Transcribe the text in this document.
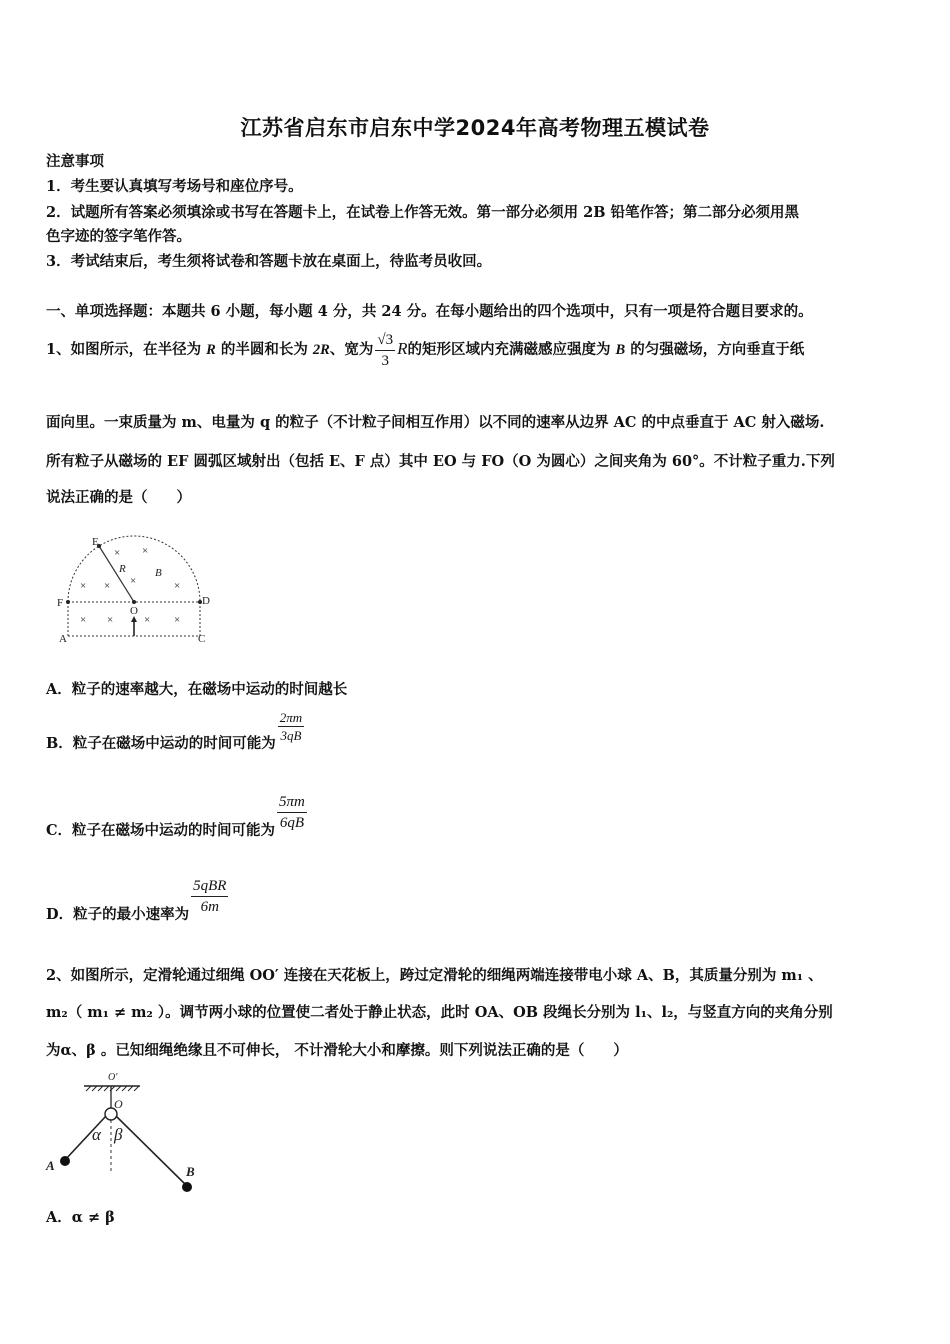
江苏省启东市启东中学2024年高考物理五模试卷
注意事项
1．考生要认真填写考场号和座位序号。
2．试题所有答案必须填涂或书写在答题卡上，在试卷上作答无效。第一部分必须用 2B 铅笔作答；第二部分必须用黑
色字迹的签字笔作答。
3．考试结束后，考生须将试卷和答题卡放在桌面上，待监考员收回。
一、单项选择题：本题共 6 小题，每小题 4 分，共 24 分。在每小题给出的四个选项中，只有一项是符合题目要求的。
1、如图所示，在半径为 R 的半圆和长为 2R、宽为 $\frac{√3}{3}$ R的矩形区域内充满磁感应强度为 B 的匀强磁场，方向垂直于纸
面向里。一束质量为 m、电量为 q 的粒子（不计粒子间相互作用）以不同的速率从边界 AC 的中点垂直于 AC 射入磁场.
所有粒子从磁场的 EF 圆弧区域射出（包括 E、F 点）其中 EO 与 FO（O 为圆心）之间夹角为 60°。不计粒子重力.下列
说法正确的是（　　）
× ×
× × ×	×
× ×	× ×
E
F	D
O
A	C
R	B
A．粒子的速率越大，在磁场中运动的时间越长
B．粒子在磁场中运动的时间可能为 $\frac{2\pi m}{3qB}$
C．粒子在磁场中运动的时间可能为 $\frac{5\pi m}{6qB}$
D．粒子的最小速率为 $\frac{\text{5qBR}}{6m}$
2、如图所示，定滑轮通过细绳 OO′ 连接在天花板上，跨过定滑轮的细绳两端连接带电小球 A、B，其质量分别为 m₁ 、
m₂（ m₁ ≠ m₂ ）。调节两小球的位置使二者处于静止状态，此时 OA、OB 段绳长分别为 l₁、l₂，与竖直方向的夹角分别
为α、β 。已知细绳绝缘且不可伸长， 不计滑轮大小和摩擦。则下列说法正确的是（　　）
O′
O
α β
A	B
A．α ≠ β
